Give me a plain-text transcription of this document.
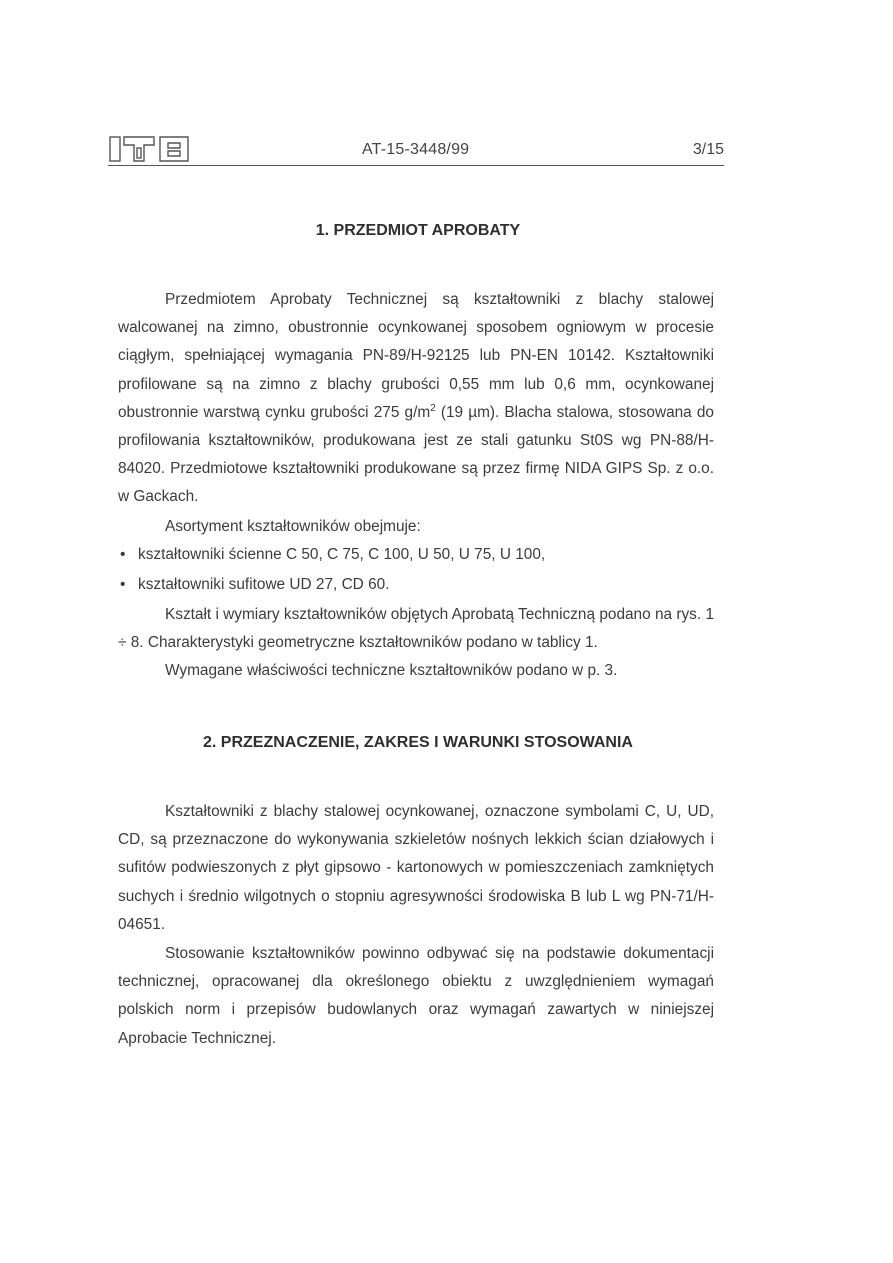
AT-15-3448/99	3/15
1. PRZEDMIOT APROBATY

Przedmiotem Aprobaty Technicznej są kształtowniki z blachy stalowej walcowanej na zimno, obustronnie ocynkowanej sposobem ogniowym w procesie ciągłym, spełniającej wymagania PN-89/H-92125 lub PN-EN 10142. Kształtowniki profilowane są na zimno z blachy grubości 0,55 mm lub 0,6 mm, ocynkowanej obustronnie warstwą cynku grubości 275 $g/m^2$ (19 µm). Blacha stalowa, stosowana do profilowania kształtowników, produkowana jest ze stali gatunku St0S wg PN-88/H-84020. Przedmiotowe kształtowniki produkowane są przez firmę NIDA GIPS Sp. z o.o. w Gackach.

Asortyment kształtowników obejmuje:
• kształtowniki ścienne C 50, C 75, C 100, U 50, U 75, U 100,
• kształtowniki sufitowe UD 27, CD 60.

Kształt i wymiary kształtowników objętych Aprobatą Techniczną podano na rys. 1 ÷ 8. Charakterystyki geometryczne kształtowników podano w tablicy 1.

Wymagane właściwości techniczne kształtowników podano w p. 3.
2. PRZEZNACZENIE, ZAKRES I WARUNKI STOSOWANIA

Kształtowniki z blachy stalowej ocynkowanej, oznaczone symbolami C, U, UD, CD, są przeznaczone do wykonywania szkieletów nośnych lekkich ścian działowych i sufitów podwieszonych z płyt gipsowo - kartonowych w pomieszczeniach zamkniętych suchych i średnio wilgotnych o stopniu agresywności środowiska B lub L wg PN-71/H-04651.

Stosowanie kształtowników powinno odbywać się na podstawie dokumentacji technicznej, opracowanej dla określonego obiektu z uwzględnieniem wymagań polskich norm i przepisów budowlanych oraz wymagań zawartych w niniejszej Aprobacie Technicznej.
